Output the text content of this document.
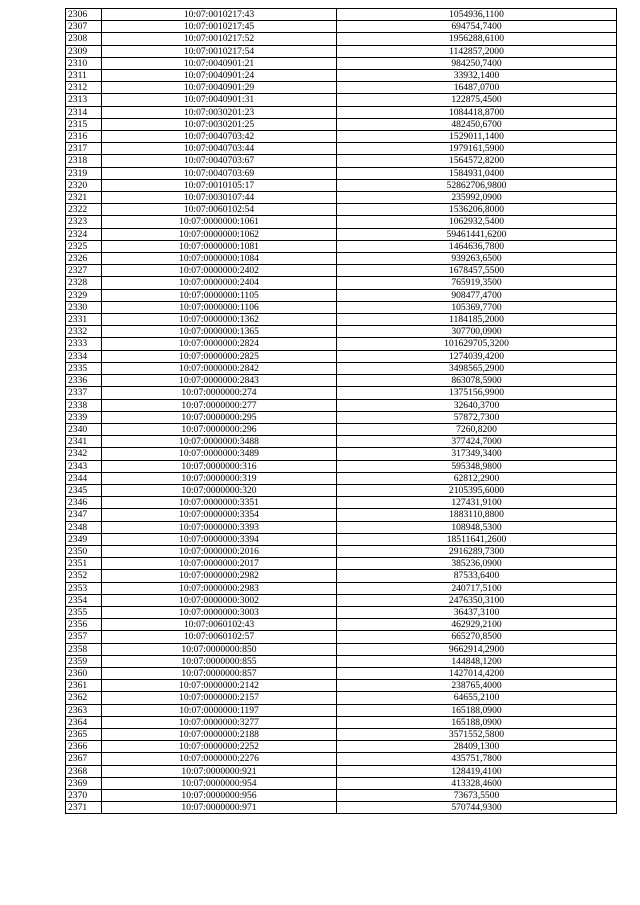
2306	10:07:0010217:43	1054936,1100
2307	10:07:0010217:45	694754,7400
2308	10:07:0010217:52	1956288,6100
2309	10:07:0010217:54	1142857,2000
2310	10:07:0040901:21	984250,7400
2311	10:07:0040901:24	33932,1400
2312	10:07:0040901:29	16487,0700
2313	10:07:0040901:31	122875,4500
2314	10:07:0030201:23	1084418,8700
2315	10:07:0030201:25	482450,6700
2316	10:07:0040703:42	1529011,1400
2317	10:07:0040703:44	1979161,5900
2318	10:07:0040703:67	1564572,8200
2319	10:07:0040703:69	1584931,0400
2320	10:07:0010105:17	52862706,9800
2321	10:07:0030107:44	235992,0900
2322	10:07:0060102:54	1536206,8000
2323	10:07:0000000:1061	1062932,5400
2324	10:07:0000000:1062	59461441,6200
2325	10:07:0000000:1081	1464636,7800
2326	10:07:0000000:1084	939263,6500
2327	10:07:0000000:2402	1678457,5500
2328	10:07:0000000:2404	765919,3500
2329	10:07:0000000:1105	908477,4700
2330	10:07:0000000:1106	105369,7700
2331	10:07:0000000:1362	1184185,2000
2332	10:07:0000000:1365	307700,0900
2333	10:07:0000000:2824	101629705,3200
2334	10:07:0000000:2825	1274039,4200
2335	10:07:0000000:2842	3498565,2900
2336	10:07:0000000:2843	863078,5900
2337	10:07:0000000:274	1375156,9900
2338	10:07:0000000:277	32640,3700
2339	10:07:0000000:295	57872,7300
2340	10:07:0000000:296	7260,8200
2341	10:07:0000000:3488	377424,7000
2342	10:07:0000000:3489	317349,3400
2343	10:07:0000000:316	595348,9800
2344	10:07:0000000:319	62812,2900
2345	10:07:0000000:320	2105395,6000
2346	10:07:0000000:3351	127431,9100
2347	10:07:0000000:3354	1883110,8800
2348	10:07:0000000:3393	108948,5300
2349	10:07:0000000:3394	18511641,2600
2350	10:07:0000000:2016	2916289,7300
2351	10:07:0000000:2017	385236,0900
2352	10:07:0000000:2982	87533,6400
2353	10:07:0000000:2983	240717,5100
2354	10:07:0000000:3002	2476350,3100
2355	10:07:0000000:3003	36437,3100
2356	10:07:0060102:43	462929,2100
2357	10:07:0060102:57	665270,8500
2358	10:07:0000000:850	9662914,2900
2359	10:07:0000000:855	144848,1200
2360	10:07:0000000:857	1427014,4200
2361	10:07:0000000:2142	238765,4000
2362	10:07:0000000:2157	64655,2100
2363	10:07:0000000:1197	165188,0900
2364	10:07:0000000:3277	165188,0900
2365	10:07:0000000:2188	3571552,5800
2366	10:07:0000000:2252	28409,1300
2367	10:07:0000000:2276	435751,7800
2368	10:07:0000000:921	128419,4100
2369	10:07:0000000:954	413328,4600
2370	10:07:0000000:956	73673,5500
2371	10:07:0000000:971	570744,9300
